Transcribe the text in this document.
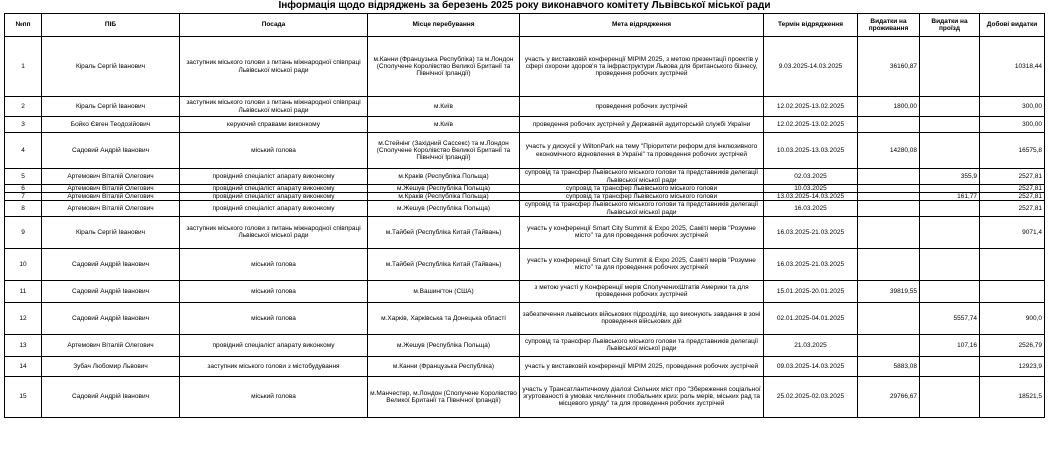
Інформація щодо відряджень за березень 2025 року виконавчого комітету Львівської міської ради
№пп	ПІБ	Посада	Місце перебування	Мета відрядження	Термін відрядження	Видатки на проживання	Видатки на проїзд	Добові видатки
1	Кіраль Сергій Іванович	заступник міського голови з питань міжнародної співпраці Львівської міської ради	м.Канни (Французька Республіка) та м.Лондон (Сполучене Королівство Великої Британії та Північної Ірландії)	участь у виставковій конференції MIPIM 2025, з метою презентації проектів у сфері охорони здоров'я та інфраструктури Львова для британського бізнесу, проведення робочих зустрічей	9.03.2025-14.03.2025	36160,87		10318,44
2	Кіраль Сергій Іванович	заступник міського голови з питань міжнародної співпраці Львівської міської ради	м.Київ	проведення робочих зустрічей	12.02.2025-13.02.2025	1800,00		300,00
3	Бойко Євген Теодозійович	керуючий справами виконкому	м.Київ	проведення робочих зустрічей у Державній аудиторській службі України	12.02.2025-13.02.2025			300,00
4	Садовий Андрій Іванович	міський голова	м.Стейнінг (Західний Сассекс) та м.Лондон (Сполучене Королівство Великої Британії та Північної Ірландії)	участь у дискусії у WiltonPark на тему "Пріоритети реформ для інклюзивного економічного відновлення в Україні" та проведення робочих зустрічей	10.03.2025-13.03.2025	14280,08		16575,8
5	Артемович Віталій Олегович	провідний спеціаліст апарату виконкому	м.Краків (Республіка Польща)	супровід та трансфер Львівського міського голови та представників делегації Львівської міської ради	02.03.2025		355,9	2527,81
6	Артемович Віталій Олегович	провідний спеціаліст апарату виконкому	м.Жешув (Республіка Польща)	супровід та трансфер Львівського міського голови	10.03.2025			2527,81
7	Артемович Віталій Олегович	провідний спеціаліст апарату виконкому	м.Краків (Республіка Польща)	супровід та трансфер Львівського міського голови	13.03.2025-14.03.2025		161,77	2527,81
8	Артемович Віталій Олегович	провідний спеціаліст апарату виконкому	м.Жешув (Республіка Польща)	супровід та трансфер Львівського міського голови та представників делегації Львівської міської ради	16.03.2025			2527,81
9	Кіраль Сергій Іванович	заступник міського голови з питань міжнародної співпраці Львівської міської ради	м.Тайбей (Республіка Китай (Тайвань)	участь у конференції Smart City Summit & Expo 2025, Саміті мерів "Розумне місто" та для проведення робочих зустрічей	16.03.2025-21.03.2025			9071,4
10	Садовий Андрій Іванович	міський голова	м.Тайбей (Республіка Китай (Тайвань)	участь у конференції Smart City Summit & Expo 2025, Саміті мерів "Розумне місто" та для проведення робочих зустрічей	16.03.2025-21.03.2025			
11	Садовий Андрій Іванович	міський голова	м.Вашингтон (США)	з метою участі у Конференції мерів СполученихШтатів Америки та для проведення робочих зустрічей	15.01.2025-20.01.2025	39819,55		
12	Садовий Андрій Іванович	міський голова	м.Харків, Харківська та Донецька області	забезпечення львівських військових підрозділів, що виконують завдання в зоні проведення військових дій	02.01.2025-04.01.2025		5557,74	900,0
13	Артемович Віталій Олегович	провідний спеціаліст апарату виконкому	м.Жешув (Республіка Польща)	супровід та трансфер Львівського міського голови та представників делегації Львівської міської ради	21.03.2025		107,16	2526,79
14	Зубач Любомир Львович	заступник міського голови з містобудування	м.Канни (Французька Республіка)	участь у виставковій конференції MIPIM 2025, проведення робочих зустрічей	09.03.2025-14.03.2025	5883,08		12923,9
15	Садовий Андрій Іванович	міський голова	м.Манчестер, м.Лондон (Сполучене Королівство Великої Британії та Північної Ірландії)	участь у Трансатлантичному діалозі Сильних міст про "Збереження соціальної згуртованості в умовах численних глобальних криз: роль мерів, міських рад та місцевого уряду" та для проведення робочих зустрічей	25.02.2025-02.03.2025	29766,67		18521,5
